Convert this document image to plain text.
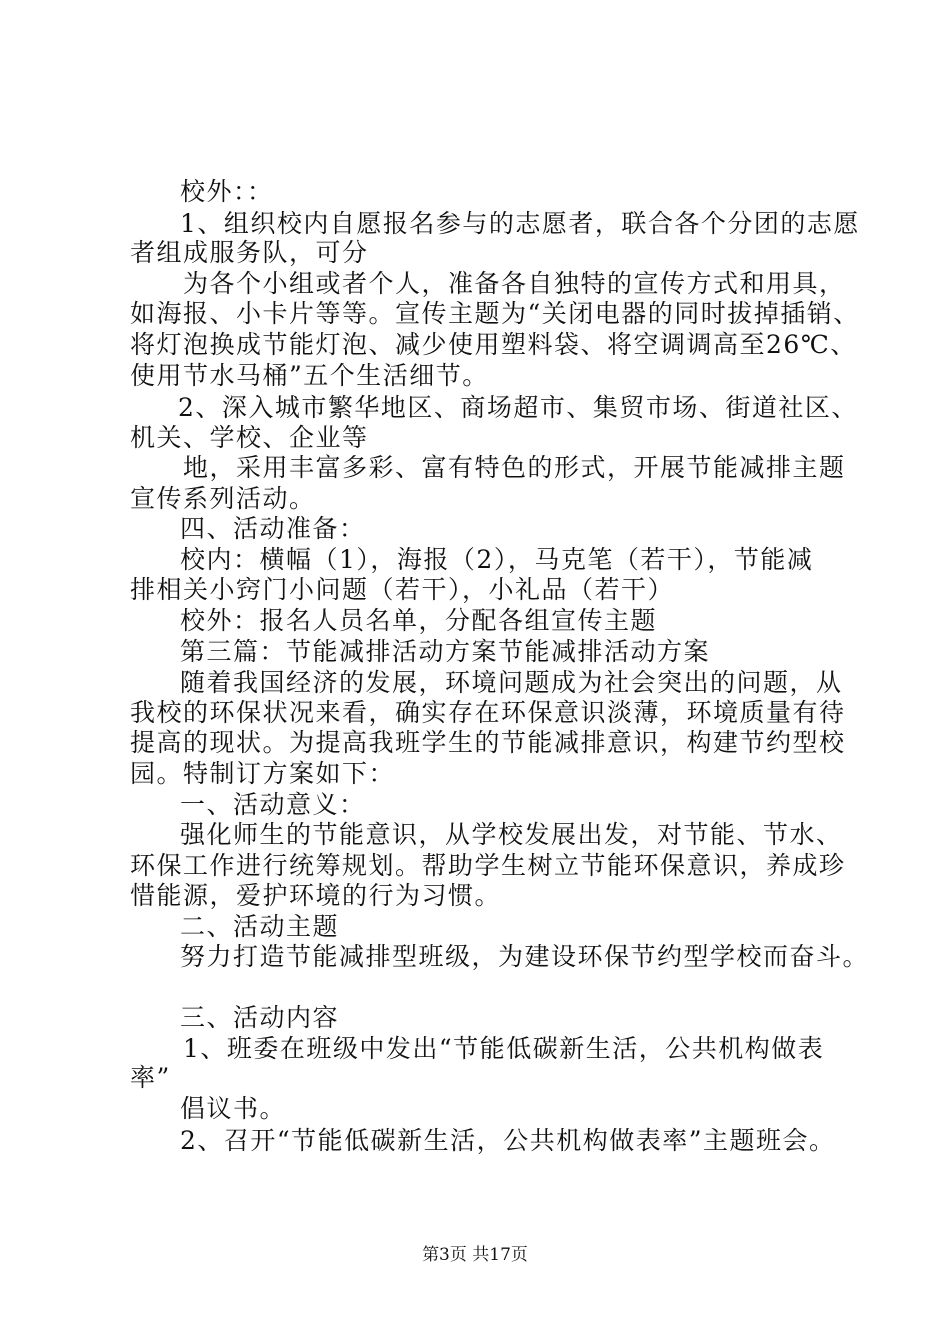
校外：：
1、组织校内自愿报名参与的志愿者，联合各个分团的志愿
者组成服务队，可分
为各个小组或者个人，准备各自独特的宣传方式和用具，
如海报、小卡片等等。宣传主题为“关闭电器的同时拔掉插销、
将灯泡换成节能灯泡、减少使用塑料袋、将空调调高至26℃、
使用节水马桶”五个生活细节。
2、深入城市繁华地区、商场超市、集贸市场、街道社区、
机关、学校、企业等
地，采用丰富多彩、富有特色的形式，开展节能减排主题
宣传系列活动。
四、活动准备：
校内：横幅（1），海报（2），马克笔（若干），节能减
排相关小窍门小问题（若干），小礼品（若干）
校外：报名人员名单，分配各组宣传主题
第三篇：节能减排活动方案节能减排活动方案
随着我国经济的发展，环境问题成为社会突出的问题，从
我校的环保状况来看，确实存在环保意识淡薄，环境质量有待
提高的现状。为提高我班学生的节能减排意识，构建节约型校
园。特制订方案如下：
一、活动意义：
强化师生的节能意识，从学校发展出发，对节能、节水、
环保工作进行统筹规划。帮助学生树立节能环保意识，养成珍
惜能源，爱护环境的行为习惯。
二、活动主题
努力打造节能减排型班级，为建设环保节约型学校而奋斗。
三、活动内容
1、班委在班级中发出“节能低碳新生活，公共机构做表
率”
倡议书。
2、召开“节能低碳新生活，公共机构做表率”主题班会。
第3页 共17页
